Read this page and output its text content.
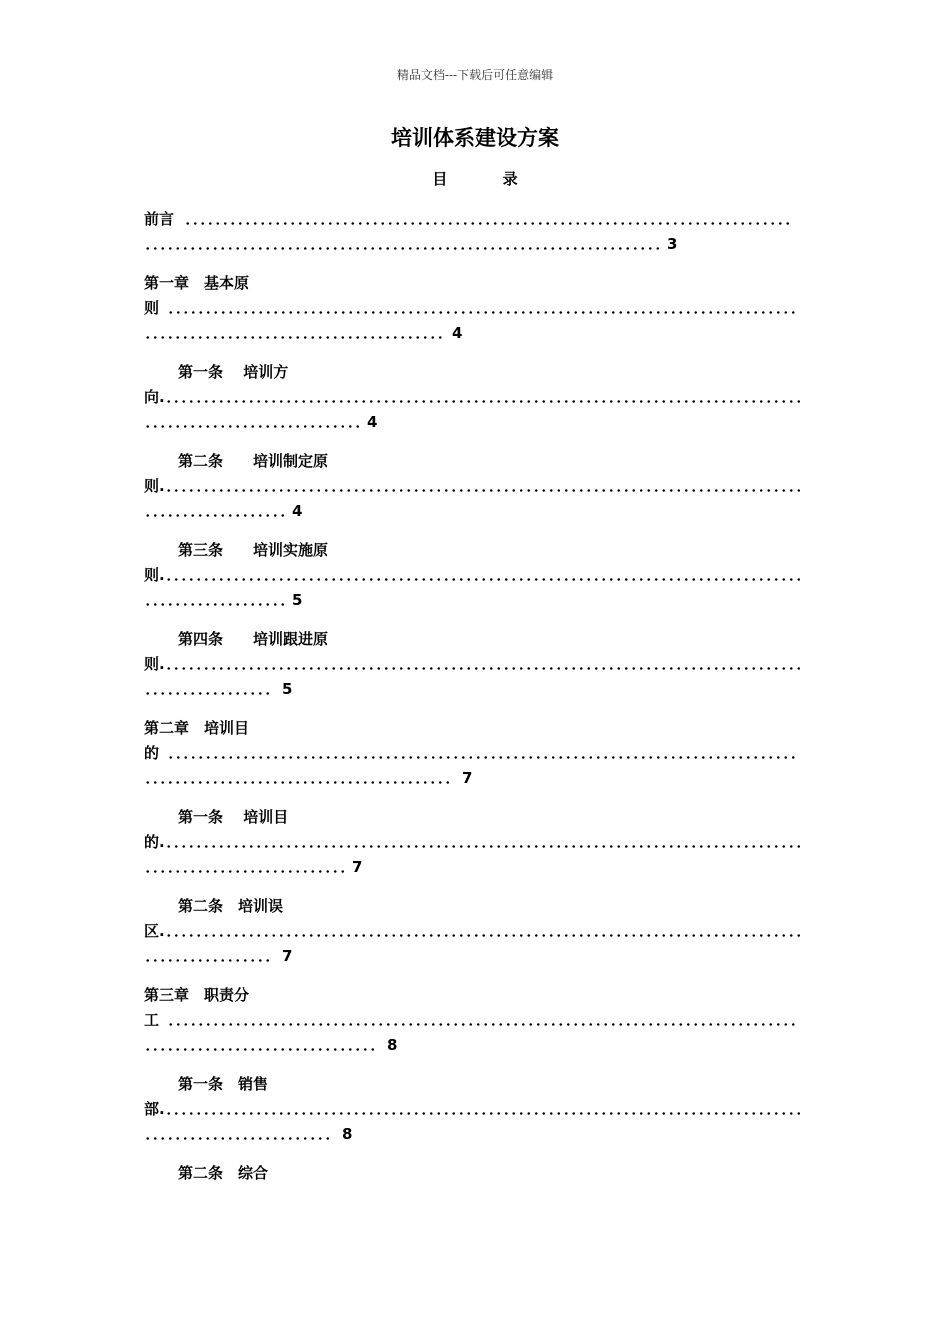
精品文档---下载后可任意编辑
培训体系建设方案
目 录
前言
3
第一章　基本原
则
4
第一条　 培训方
向.
4
第二条　　培训制定原
则.
4
第三条　　培训实施原
则.
5
第四条　　培训跟进原
则.
5
第二章　培训目
的
7
第一条　 培训目
的.
7
第二条　培训误
区.
7
第三章　职责分
工
8
第一条　销售
部.
8
第二条　综合
